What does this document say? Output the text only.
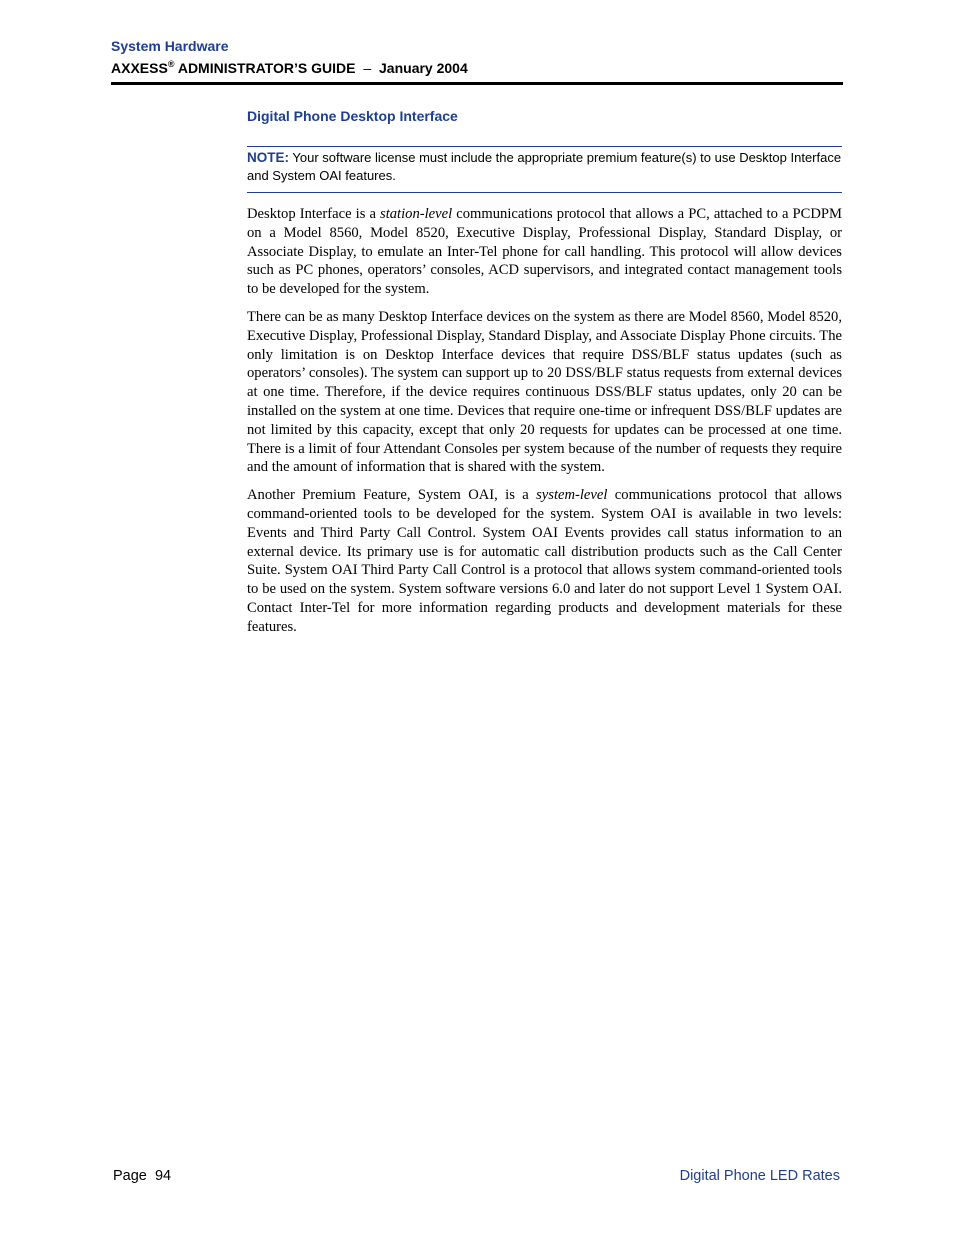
System Hardware
AXXESS® ADMINISTRATOR’S GUIDE – January 2004
Digital Phone Desktop Interface
NOTE: Your software license must include the appropriate premium feature(s) to use Desktop Interface and System OAI features.

Desktop Interface is a station-level communications protocol that allows a PC, attached to a PCDPM on a Model 8560, Model 8520, Executive Display, Professional Display, Standard Display, or Associate Display, to emulate an Inter-Tel phone for call handling. This protocol will allow devices such as PC phones, operators’ consoles, ACD supervisors, and integrated contact management tools to be developed for the system.

There can be as many Desktop Interface devices on the system as there are Model 8560, Model 8520, Executive Display, Professional Display, Standard Display, and Associate Display Phone circuits. The only limitation is on Desktop Interface devices that require DSS/BLF status updates (such as operators’ consoles). The system can support up to 20 DSS/BLF status requests from external devices at one time. Therefore, if the device requires continuous DSS/BLF status updates, only 20 can be installed on the system at one time. Devices that require one-time or infrequent DSS/BLF updates are not limited by this capacity, except that only 20 requests for updates can be processed at one time. There is a limit of four Attendant Consoles per system because of the number of requests they require and the amount of information that is shared with the system.

Another Premium Feature, System OAI, is a system-level communications protocol that allows command-oriented tools to be developed for the system. System OAI is available in two levels: Events and Third Party Call Control. System OAI Events provides call status information to an external device. Its primary use is for automatic call distribution products such as the Call Center Suite. System OAI Third Party Call Control is a protocol that allows system command-oriented tools to be used on the system. System software versions 6.0 and later do not support Level 1 System OAI. Contact Inter-Tel for more information regarding products and development materials for these features.

Page 94	Digital Phone LED Rates
